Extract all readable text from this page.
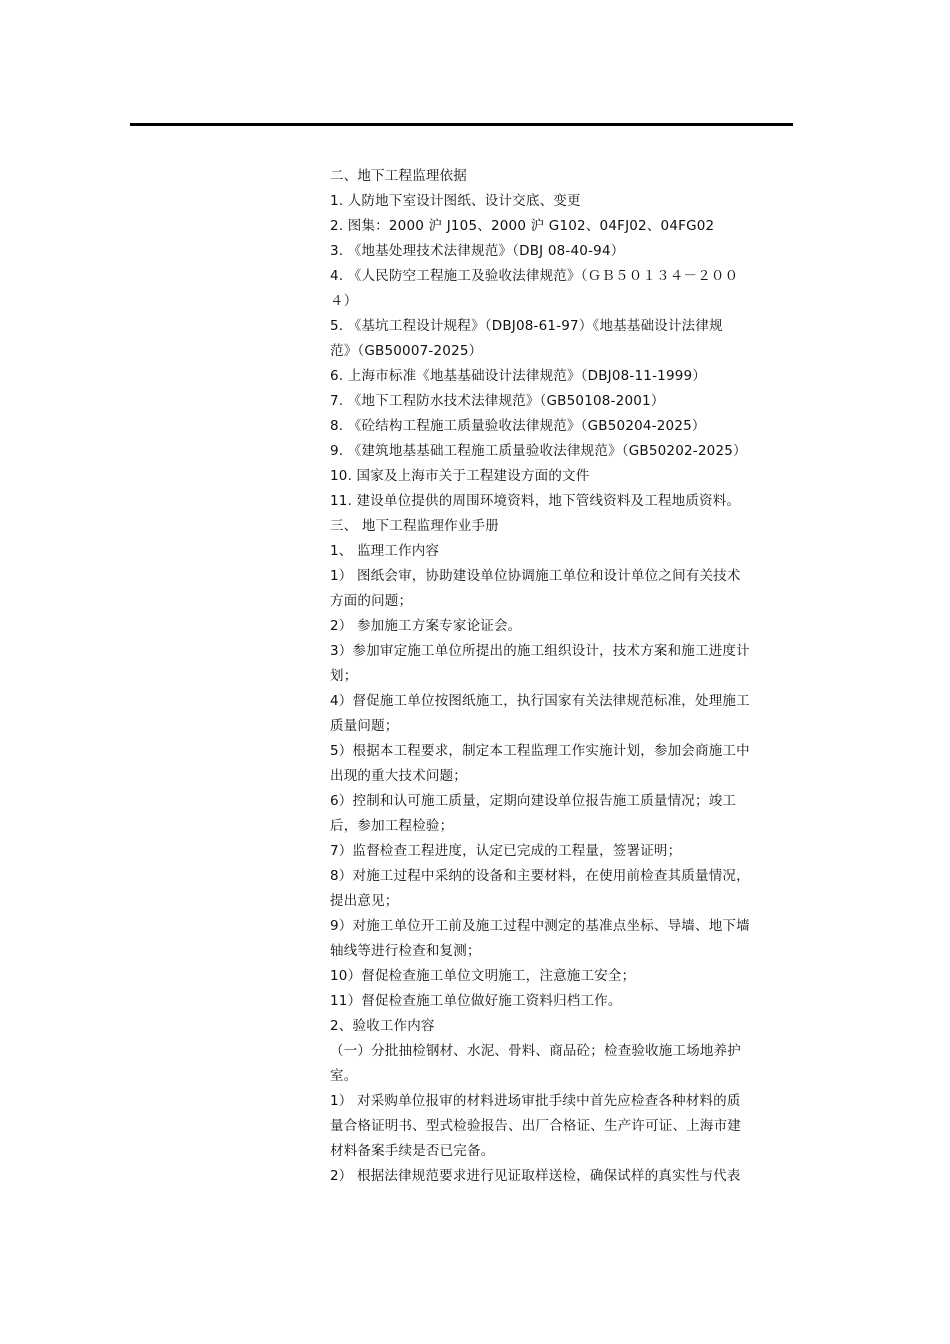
二、地下工程监理依据
1. 人防地下室设计图纸、设计交底、变更
2. 图集：2000 沪 J105、2000 沪 G102、04FJ02、04FG02
3. 《地基处理技术法律规范》（DBJ 08-40-94）
4. 《人民防空工程施工及验收法律规范》（ＧＢ５０１３４－２００
４）
5. 《基坑工程设计规程》（DBJ08-61-97）《地基基础设计法律规
范》（GB50007-2025）
6. 上海市标准《地基基础设计法律规范》（DBJ08-11-1999）
7. 《地下工程防水技术法律规范》（GB50108-2001）
8. 《砼结构工程施工质量验收法律规范》（GB50204-2025）
9. 《建筑地基基础工程施工质量验收法律规范》（GB50202-2025）
10. 国家及上海市关于工程建设方面的文件
11. 建设单位提供的周围环境资料，地下管线资料及工程地质资料。
三、 地下工程监理作业手册
1、 监理工作内容
1） 图纸会审，协助建设单位协调施工单位和设计单位之间有关技术
方面的问题；
2） 参加施工方案专家论证会。
3）参加审定施工单位所提出的施工组织设计，技术方案和施工进度计
划；
4）督促施工单位按图纸施工，执行国家有关法律规范标准，处理施工
质量问题；
5）根据本工程要求，制定本工程监理工作实施计划，参加会商施工中
出现的重大技术问题；
6）控制和认可施工质量，定期向建设单位报告施工质量情况；竣工
后，参加工程检验；
7）监督检查工程进度，认定已完成的工程量，签署证明；
8）对施工过程中采纳的设备和主要材料，在使用前检查其质量情况，
提出意见；
9）对施工单位开工前及施工过程中测定的基准点坐标、导墙、地下墙
轴线等进行检查和复测；
10）督促检查施工单位文明施工，注意施工安全；
11）督促检查施工单位做好施工资料归档工作。
2、验收工作内容
（一）分批抽检钢材、水泥、骨料、商品砼；检查验收施工场地养护
室。
1） 对采购单位报审的材料进场审批手续中首先应检查各种材料的质
量合格证明书、型式检验报告、出厂合格证、生产许可证、上海市建
材料备案手续是否已完备。
2） 根据法律规范要求进行见证取样送检，确保试样的真实性与代表
